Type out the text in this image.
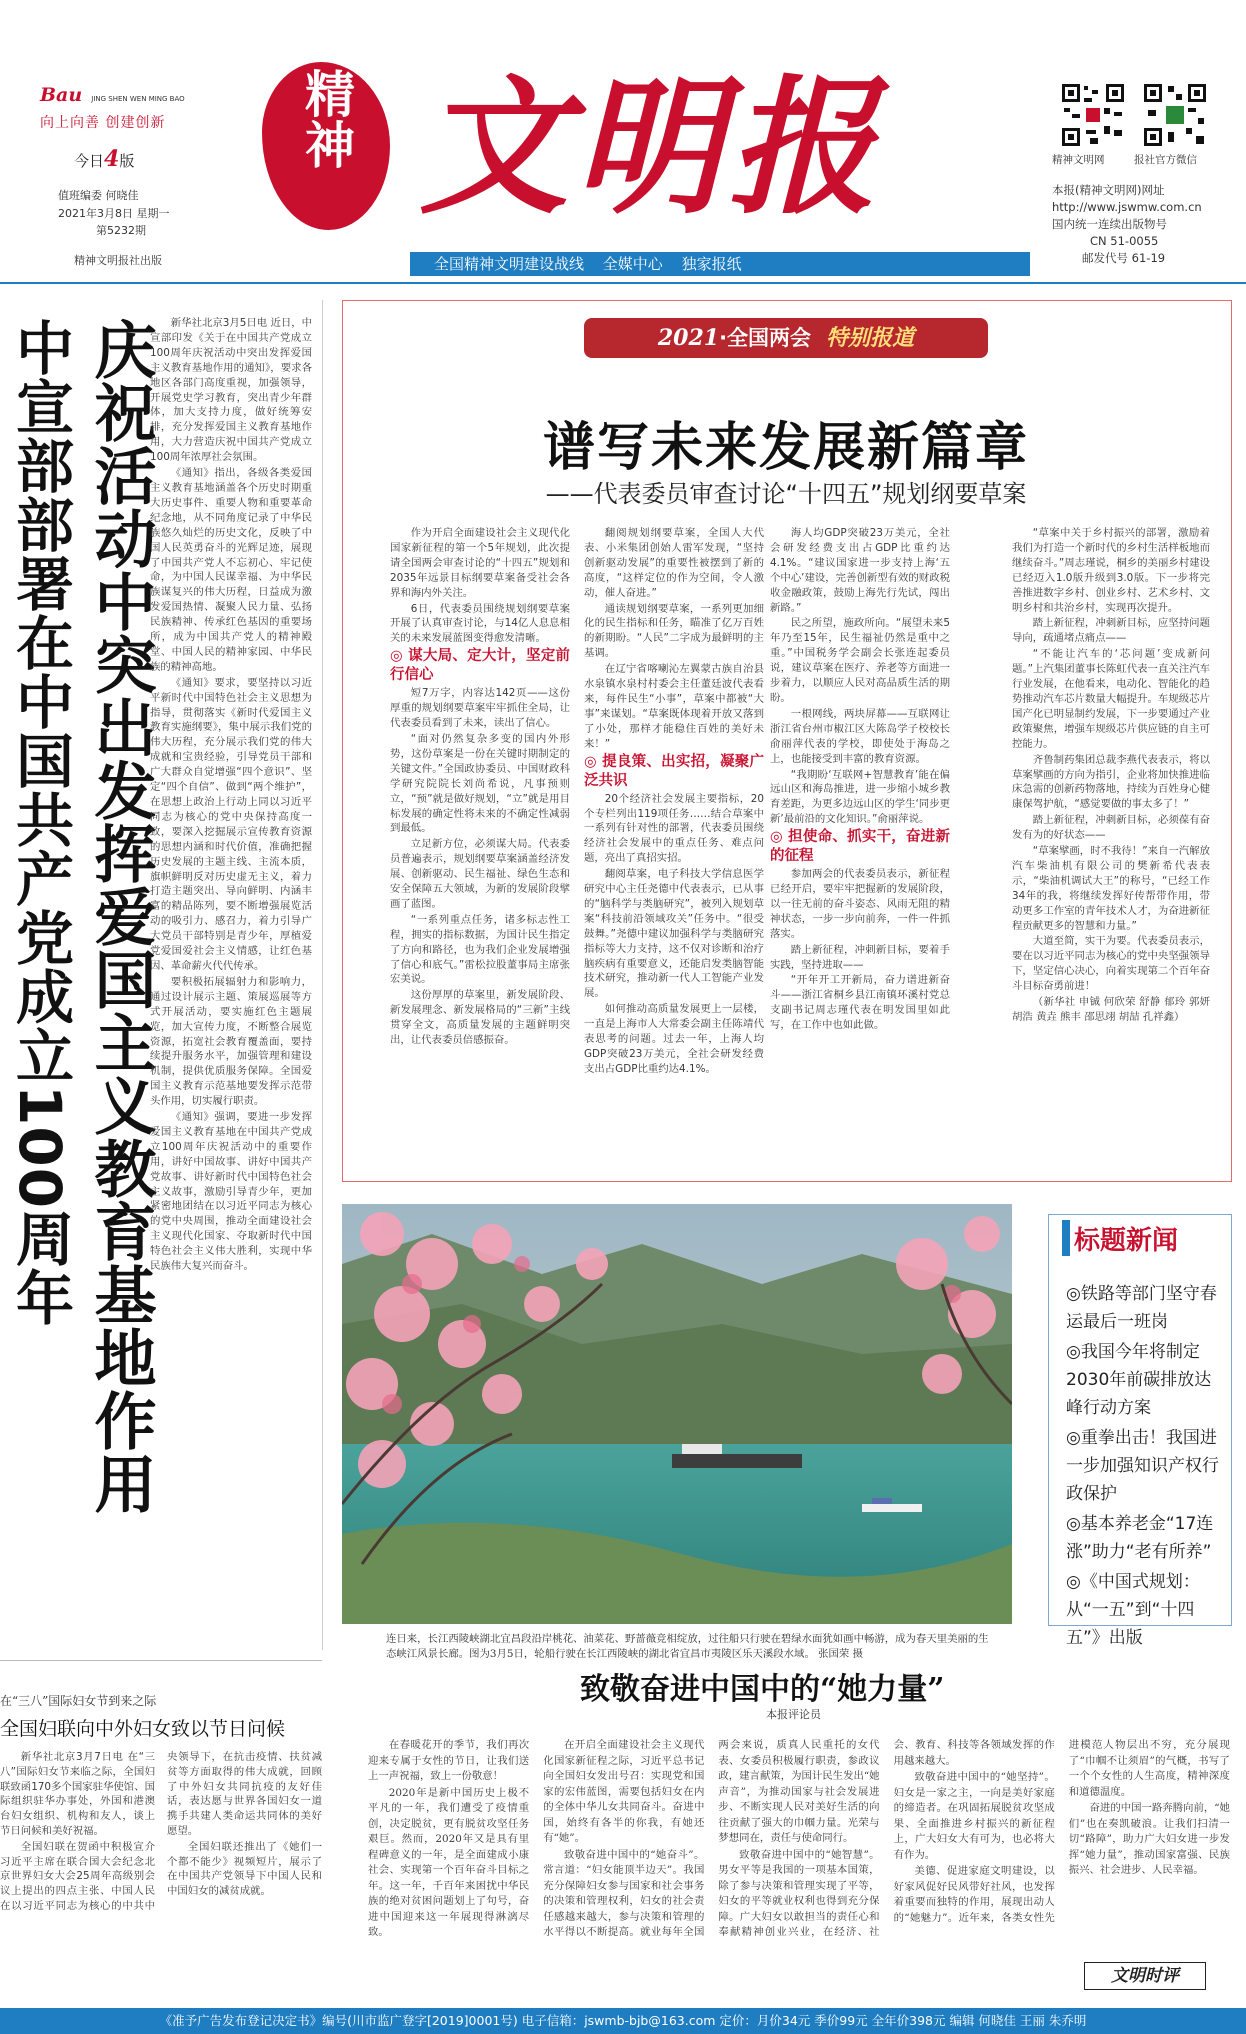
Bau JING SHEN WEN MING BAO
向上向善 创建创新
今日4版
值班编委 何晓佳
2021年3月8日 星期一
第5232期
精神文明报社出版
精神 文明报	精神文明网	报社官方微信
本报(精神文明网)网址
http://www.jswmw.com.cn
国内统一连续出版物号
CN 51-0055
邮发代号 61-19
全国精神文明建设战线 全媒中心 独家报纸
庆祝活动中突出发挥爱国主义教育基地作用
中宣部部署在中国共产党成立100周年	新华社北京3月5日电 近日，中宣部印发《关于在中国共产党成立100周年庆祝活动中突出发挥爱国主义教育基地作用的通知》，要求各地区各部门高度重视，加强领导，开展党史学习教育，突出青少年群体，加大支持力度，做好统筹安排，充分发挥爱国主义教育基地作用，大力营造庆祝中国共产党成立100周年浓厚社会氛围。

《通知》指出，各级各类爱国主义教育基地涵盖各个历史时期重大历史事件、重要人物和重要革命纪念地，从不同角度记录了中华民族悠久灿烂的历史文化，反映了中国人民英勇奋斗的光辉足迹，展现了中国共产党人不忘初心、牢记使命，为中国人民谋幸福、为中华民族谋复兴的伟大历程，日益成为激发爱国热情、凝聚人民力量、弘扬民族精神、传承红色基因的重要场所，成为中国共产党人的精神殿堂、中国人民的精神家园、中华民族的精神高地。

《通知》要求，要坚持以习近平新时代中国特色社会主义思想为指导，贯彻落实《新时代爱国主义教育实施纲要》，集中展示我们党的伟大历程，充分展示我们党的伟大成就和宝贵经验，引导党员干部和广大群众自觉增强“四个意识”、坚定“四个自信”、做到“两个维护”，在思想上政治上行动上同以习近平同志为核心的党中央保持高度一致，要深入挖掘展示宣传教育资源的思想内涵和时代价值，准确把握历史发展的主题主线、主流本质，旗帜鲜明反对历史虚无主义，着力打造主题突出、导向鲜明、内涵丰富的精品陈列，要不断增强展览活动的吸引力、感召力，着力引导广大党员干部特别是青少年，厚植爱党爱国爱社会主义情感，让红色基因、革命薪火代代传承。

要积极拓展辐射力和影响力，通过设计展示主题、策展巡展等方式开展活动，要实施红色主题展览，加大宣传力度，不断整合展览资源，拓宽社会教育覆盖面，要持续提升服务水平，加强管理和建设机制，提供优质服务保障。全国爱国主义教育示范基地要发挥示范带头作用，切实履行职责。

《通知》强调，要进一步发挥爱国主义教育基地在中国共产党成立100周年庆祝活动中的重要作用，讲好中国故事、讲好中国共产党故事、讲好新时代中国特色社会主义故事，激励引导青少年，更加紧密地团结在以习近平同志为核心的党中央周围，推动全面建设社会主义现代化国家、夺取新时代中国特色社会主义伟大胜利，实现中华民族伟大复兴而奋斗。

2021·全国两会 特别报道
谱写未来发展新篇章
——代表委员审查讨论“十四五”规划纲要草案

作为开启全面建设社会主义现代化国家新征程的第一个5年规划，此次提请全国两会审查讨论的“十四五”规划和2035年远景目标纲要草案备受社会各界和海内外关注。

6日，代表委员围绕规划纲要草案开展了认真审查讨论，与14亿人息息相关的未来发展蓝图变得愈发清晰。

◎ 谋大局、定大计，坚定前行信心

短7万字，内容达142页——这份厚重的规划纲要草案牢牢抓住全局，让代表委员看到了未来，读出了信心。

“面对仍然复杂多变的国内外形势，这份草案是一份在关键时期制定的关键文件。”全国政协委员、中国财政科学研究院院长刘尚希说，凡事预则立，“预”就是做好规划，“立”就是用目标发展的确定性将未来的不确定性减弱到最低。

立足新方位，必须谋大局。代表委员普遍表示，规划纲要草案涵盖经济发展、创新驱动、民生福祉、绿色生态和安全保障五大领域，为新的发展阶段擘画了蓝图。

“一系列重点任务，诸多标志性工程，拥实的指标数据，为国计民生指定了方向和路径，也为我们企业发展增强了信心和底气。”雷松拉股董事局主席张宏美说。

这份厚厚的草案里，新发展阶段、新发展理念、新发展格局的“三新”主线贯穿全文，高质量发展的主题鲜明突出，让代表委员倍感振奋。

翻阅规划纲要草案，全国人大代表、小米集团创始人雷军发现，“坚持创新驱动发展”的重要性被摆到了新的高度，“这样定位的作为空间，令人激动，催人奋进。”

通读规划纲要草案，一系列更加细化的民生指标和任务，瞄准了亿万百姓的新期盼。“人民”二字成为最鲜明的主基调。

在辽宁省喀喇沁左翼蒙古族自治县水泉镇水泉村村委会主任董廷波代表看来，每件民生“小事”，草案中都被“大事”来谋划。“草案既体现着开放又落到了小处，那样才能稳住百姓的美好未来！”

◎ 提良策、出实招，凝聚广泛共识

20个经济社会发展主要指标，20个专栏列出119项任务……结合草案中一系列有针对性的部署，代表委员围绕经济社会发展中的重点任务、难点问题，亮出了真招实招。

翻阅草案，电子科技大学信息医学研究中心主任尧德中代表表示，已从事的“脑科学与类脑研究”，被列入规划草案“科技前沿领域攻关”任务中。“很受鼓舞。”尧德中建议加强科学与类脑研究指标等大力支持，这不仅对诊断和治疗脑疾病有重要意义，还能启发类脑智能技术研究，推动新一代人工智能产业发展。

如何推动高质量发展更上一层楼，一直是上海市人大常委会副主任陈靖代表思考的问题。过去一年，上海人均GDP突破23万美元，全社会研发经费支出占GDP比重约达4.1%。

海人均GDP突破23万美元，全社会研发经费支出占GDP比重约达4.1%。“建议国家进一步支持上海‘五个中心’建设，完善创新型有效的财政税收金融政策，鼓励上海先行先试，闯出新路。”

民之所望，施政所向。“展望未来5年乃至15年，民生福祉仍然是重中之重。”中国税务学会副会长张连起委员说，建议草案在医疗、养老等方面进一步着力，以顺应人民对高品质生活的期盼。

一根网线，两块屏幕——互联网让浙江省台州市椒江区大陈岛学子校校长俞丽萍代表的学校，即使处于海岛之上，也能接受到丰富的教育资源。

“我期盼‘互联网+智慧教育’能在偏远山区和海岛推进，进一步缩小城乡教育差距，为更多边远山区的学生‘同步更新’最前沿的文化知识。”俞丽萍说。

◎ 担使命、抓实干，奋进新的征程

参加两会的代表委员表示，新征程已经开启，要牢牢把握新的发展阶段，以一往无前的奋斗姿态、风雨无阻的精神状态，一步一步向前奔，一件一件抓落实。

踏上新征程，冲刺新目标，要着手实践，坚持进取——

“开年开工开新局，奋力谱进新奋斗——浙江省桐乡县江南镇环溪村党总支副书记周志瑾代表在明发国里如此写，在工作中也如此做。

“草案中关于乡村振兴的部署，激励着我们为打造一个新时代的乡村生活样板地而继续奋斗。”周志瑾说，桐乡的美丽乡村建设已经迈入1.0版升级到3.0版。下一步将完善推进数字乡村、创业乡村、艺术乡村、文明乡村和共治乡村，实现再次提升。

踏上新征程，冲刺新目标，应坚持问题导向，疏通堵点痛点——

“不能让汽车的‘芯问题’变成新问题。”上汽集团董事长陈虹代表一直关注汽车行业发展，在他看来，电动化、智能化的趋势推动汽车芯片数量大幅提升。车规级芯片国产化已明显制约发展，下一步要通过产业政策聚焦，增强车规级芯片供应链的自主可控能力。

齐鲁制药集团总裁李燕代表表示，将以草案擘画的方向为指引，企业将加快推进临床急需的创新药物落地，持续为百姓身心健康保驾护航，“感觉要做的事太多了！”

踏上新征程，冲刺新目标，必须葆有奋发有为的好状态——

“草案擘画，时不我待！”来自一汽解放汽车柴油机有限公司的樊新希代表表示，“柴油机调试大王”的称号，“已经工作34年的我，将继续发挥好传帮带作用，带动更多工作室的青年技术人才，为奋进新征程贡献更多的智慧和力量。”

大道至简，实干为要。代表委员表示，要在以习近平同志为核心的党中央坚强领导下，坚定信心决心，向着实现第二个百年奋斗目标奋勇前进！

（新华社 申铖 何欣荣 舒静 郁玲 郭妍 胡浩 黄垚 熊丰 邵思翊 胡喆 孔祥鑫）

连日来，长江西陵峡湖北宜昌段沿岸桃花、油菜花、野蔷薇竞相绽放，过往船只行驶在碧绿水面犹如画中畅游，成为春天里美丽的生态峡江风景长廊。图为3月5日，轮船行驶在长江西陵峡的湖北省宜昌市夷陵区乐天溪段水域。 张国荣 摄
标题新闻
◎铁路等部门坚守春运最后一班岗
◎我国今年将制定2030年前碳排放达峰行动方案
◎重拳出击！我国进一步加强知识产权行政保护
◎基本养老金“17连涨”助力“老有所养”
◎《中国式规划：从“一五”到“十四五”》出版
在“三八”国际妇女节到来之际
全国妇联向中外妇女致以节日问候

新华社北京3月7日电 在“三八”国际妇女节来临之际，全国妇联致函170多个国家驻华使馆、国际组织驻华办事处，外国和港澳台妇女组织、机构和友人，谈上节日问候和美好祝福。

全国妇联在贺函中积极宣介习近平主席在联合国大会纪念北京世界妇女大会25周年高级别会议上提出的四点主张、中国人民在以习近平同志为核心的中共中央领导下，在抗击疫情、扶贫减贫等方面取得的伟大成就，回顾了中外妇女共同抗疫的友好佳话，表达愿与世界各国妇女一道携手共建人类命运共同体的美好愿望。

全国妇联还推出了《她们一个都不能少》视频短片，展示了在中国共产党领导下中国人民和中国妇女的减贫成就。

致敬奋进中国中的“她力量”
本报评论员

在春暖花开的季节，我们再次迎来专属于女性的节日，让我们送上一声祝福，致上一份敬意！

2020年是新中国历史上极不平凡的一年，我们遭受了疫情重创，决定脱贫，更有脱贫攻坚任务艰巨。然而，2020年又是具有里程碑意义的一年，是全面建成小康社会、实现第一个百年奋斗目标之年。这一年，千百年来困扰中华民族的绝对贫困问题划上了句号，奋进中国迎来这一年展现得淋漓尽致。

在开启全面建设社会主义现代化国家新征程之际，习近平总书记向全国妇女发出号召：实现党和国家的宏伟蓝图，需要包括妇女在内的全体中华儿女共同奋斗。奋进中国，始终有各半的你我，有她还有“她”。

致敬奋进中国中的“她奋斗”。常言道：“妇女能顶半边天”。我国充分保障妇女参与国家和社会事务的决策和管理权利，妇女的社会责任感越来越大，参与决策和管理的水平得以不断提高。就业每年全国两会来说，质真人民重托的女代表、女委员积极履行职责，参政议政，建言献策，为国计民生发出“她声音”，为推动国家与社会发展进步、不断实现人民对美好生活的向往贡献了强大的巾帼力量。光荣与梦想同在，责任与使命同行。

致敬奋进中国中的“她智慧”。男女平等是我国的一项基本国策，除了参与决策和管理实现了平等，妇女的平等就业权利也得到充分保障。广大妇女以敢担当的责任心和奉献精神创业兴业，在经济、社会、教育、科技等各领域发挥的作用越来越大。

致敬奋进中国中的“她坚持”。妇女是一家之主，一向是美好家庭的缔造者。在巩固拓展脱贫攻坚成果、全面推进乡村振兴的新征程上，广大妇女大有可为，也必将大有作为。

美德、促进家庭文明建设，以好家风促好民风带好社风，也发挥着重要而独特的作用，展现出动人的“她魅力”。近年来，各类女性先进模范人物层出不穷，充分展现了“巾帼不让须眉”的气概，书写了一个个女性的人生高度，精神深度和道德温度。

奋进的中国一路奔腾向前，“她们”也在奏凯破浪。让我们扫清一切“路障”，助力广大妇女进一步发挥“她力量”，推动国家富强、民族振兴、社会进步、人民幸福。

文明时评
《准予广告发布登记决定书》编号(川市监广登字[2019]0001号) 电子信箱：jswmb-bjb@163.com 定价：月价34元 季价99元 全年价398元 编辑 何晓佳 王丽 朱乔明
